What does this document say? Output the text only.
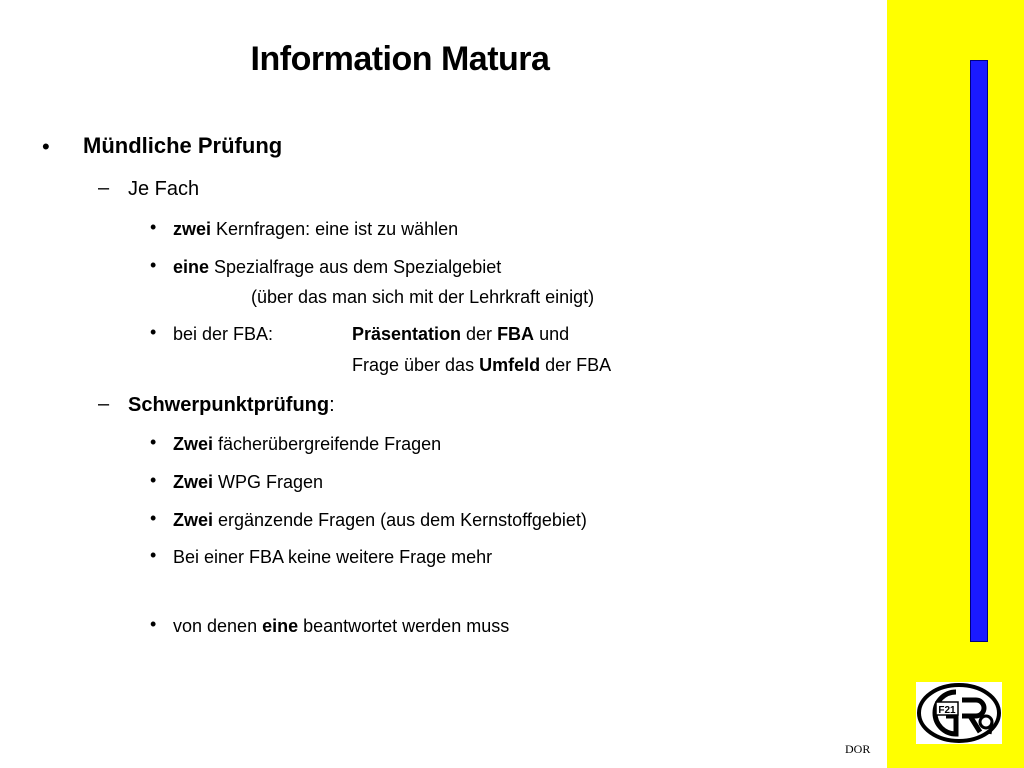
F21
Information Matura
• Mündliche Prüfung
– Je Fach
• zwei Kernfragen: eine ist zu wählen
• eine Spezialfrage aus dem Spezialgebiet
(über das man sich mit der Lehrkraft einigt)
• bei der FBA:	Präsentation der FBA und
Frage über das Umfeld der FBA
– Schwerpunktprüfung:
• Zwei fächerübergreifende Fragen
• Zwei WPG Fragen
• Zwei ergänzende Fragen (aus dem Kernstoffgebiet)
• Bei einer FBA keine weitere Frage mehr
• von denen eine beantwortet werden muss
DOR
